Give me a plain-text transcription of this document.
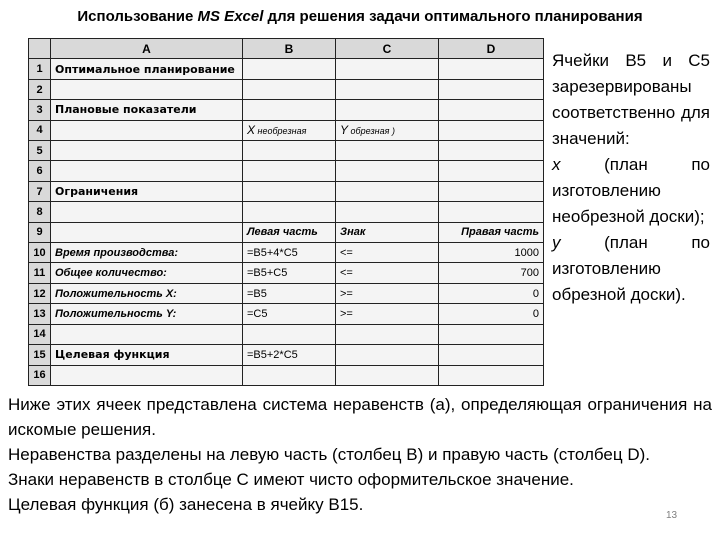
Использование MS Excel для решения задачи оптимального планирования
	A	B	C	D
1	Оптимальное планирование			
2				
3	Плановые показатели			
4		X необрезная	Y обрезная )	
5				
6				
7	Ограничения			
8				
9		Левая часть	Знак	Правая часть
10	Время производства:	=B5+4*C5	<=	1000
11	Общее количество:	=B5+C5	<=	700
12	Положительность X:	=B5	>=	0
13	Положительность Y:	=C5	>=	0
14				
15	Целевая функция	=B5+2*C5		
16				

Ячейки В5 и С5 зарезервированы соответственно для значений:

x	(план	по

изготовлению необрезной доски);

y	(план	по

изготовлению обрезной доски).

Ниже этих ячеек представлена система неравенств (а), определяющая ограничения на искомые решения.

Неравенства разделены на левую часть (столбец В) и правую часть (столбец D).

Знаки неравенств в столбце С имеют чисто оформительское значение.

Целевая функция (б) занесена в ячейку В15.

13
